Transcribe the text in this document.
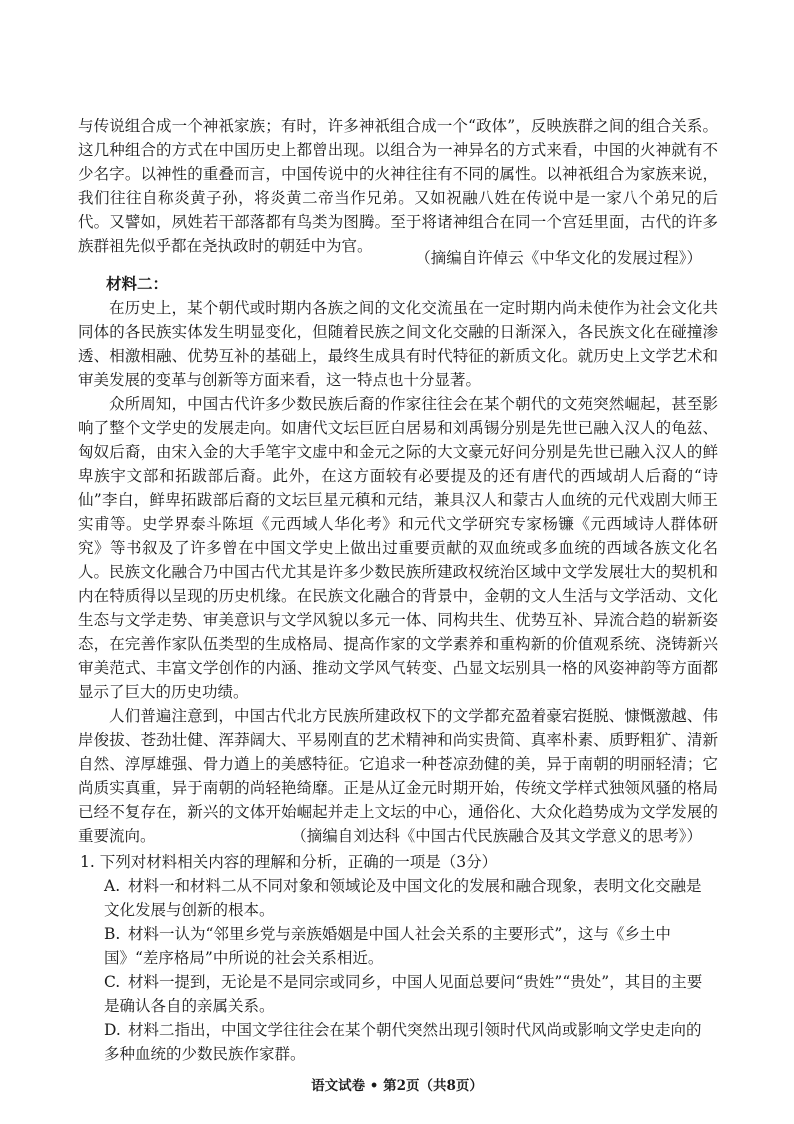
与传说组合成一个神祇家族；有时，许多神祇组合成一个“政体”，反映族群之间的组合关系。这几种组合的方式在中国历史上都曾出现。以组合为一神异名的方式来看，中国的火神就有不少名字。以神性的重叠而言，中国传说中的火神往往有不同的属性。以神祇组合为家族来说，我们往往自称炎黄子孙，将炎黄二帝当作兄弟。又如祝融八姓在传说中是一家八个弟兄的后代。又譬如，夙姓若干部落都有鸟类为图腾。至于将诸神组合在同一个宫廷里面，古代的许多族群祖先似乎都在尧执政时的朝廷中为官。

（摘编自许倬云《中华文化的发展过程》）

材料二：

在历史上，某个朝代或时期内各族之间的文化交流虽在一定时期内尚未使作为社会文化共同体的各民族实体发生明显变化，但随着民族之间文化交融的日渐深入，各民族文化在碰撞渗透、相激相融、优势互补的基础上，最终生成具有时代特征的新质文化。就历史上文学艺术和审美发展的变革与创新等方面来看，这一特点也十分显著。

众所周知，中国古代许多少数民族后裔的作家往往会在某个朝代的文苑突然崛起，甚至影响了整个文学史的发展走向。如唐代文坛巨匠白居易和刘禹锡分别是先世已融入汉人的龟兹、匈奴后裔，由宋入金的大手笔宇文虚中和金元之际的大文豪元好问分别是先世已融入汉人的鲜卑族宇文部和拓跋部后裔。此外，在这方面较有必要提及的还有唐代的西域胡人后裔的“诗仙”李白，鲜卑拓跋部后裔的文坛巨星元稹和元结，兼具汉人和蒙古人血统的元代戏剧大师王实甫等。史学界泰斗陈垣《元西域人华化考》和元代文学研究专家杨镰《元西域诗人群体研究》等书叙及了许多曾在中国文学史上做出过重要贡献的双血统或多血统的西域各族文化名人。 民族文化融合乃中国古代尤其是许多少数民族所建政权统治区域中文学发展壮大的契机和内在特质得以呈现的历史机缘。在民族文化融合的背景中，金朝的文人生活与文学活动、文化生态与文学走势、审美意识与文学风貌以多元一体、同构共生、优势互补、异流合趋的崭新姿态，在完善作家队伍类型的生成格局、提高作家的文学素养和重构新的价值观系统、浇铸新兴审美范式、丰富文学创作的内涵、推动文学风气转变、凸显文坛别具一格的风姿神韵等方面都显示了巨大的历史功绩。

人们普遍注意到，中国古代北方民族所建政权下的文学都充盈着豪宕挺脱、慷慨激越、伟岸俊拔、苍劲壮健、浑莽阔大、平易刚直的艺术精神和尚实贵简、真率朴素、质野粗犷、清新自然、淳厚雄强、骨力遒上的美感特征。它追求一种苍凉劲健的美，异于南朝的明丽轻清；它尚质实真重，异于南朝的尚轻艳绮靡。正是从辽金元时期开始，传统文学样式独领风骚的格局已经不复存在，新兴的文体开始崛起并走上文坛的中心，通俗化、大众化趋势成为文学发展的重要流向。	（摘编自刘达科《中国古代民族融合及其文学意义的思考》）

1. 下列对材料相关内容的理解和分析，正确的一项是（3分）

A. 材料一和材料二从不同对象和领域论及中国文化的发展和融合现象，表明文化交融是文化发展与创新的根本。
B. 材料一认为“邻里乡党与亲族婚姻是中国人社会关系的主要形式”，这与《乡土中国》“差序格局”中所说的社会关系相近。
C. 材料一提到，无论是不是同宗或同乡，中国人见面总要问“贵姓”“贵处”，其目的主要是确认各自的亲属关系。
D. 材料二指出，中国文学往往会在某个朝代突然出现引领时代风尚或影响文学史走向的多种血统的少数民族作家群。

语文试卷 • 第2页（共8页）
